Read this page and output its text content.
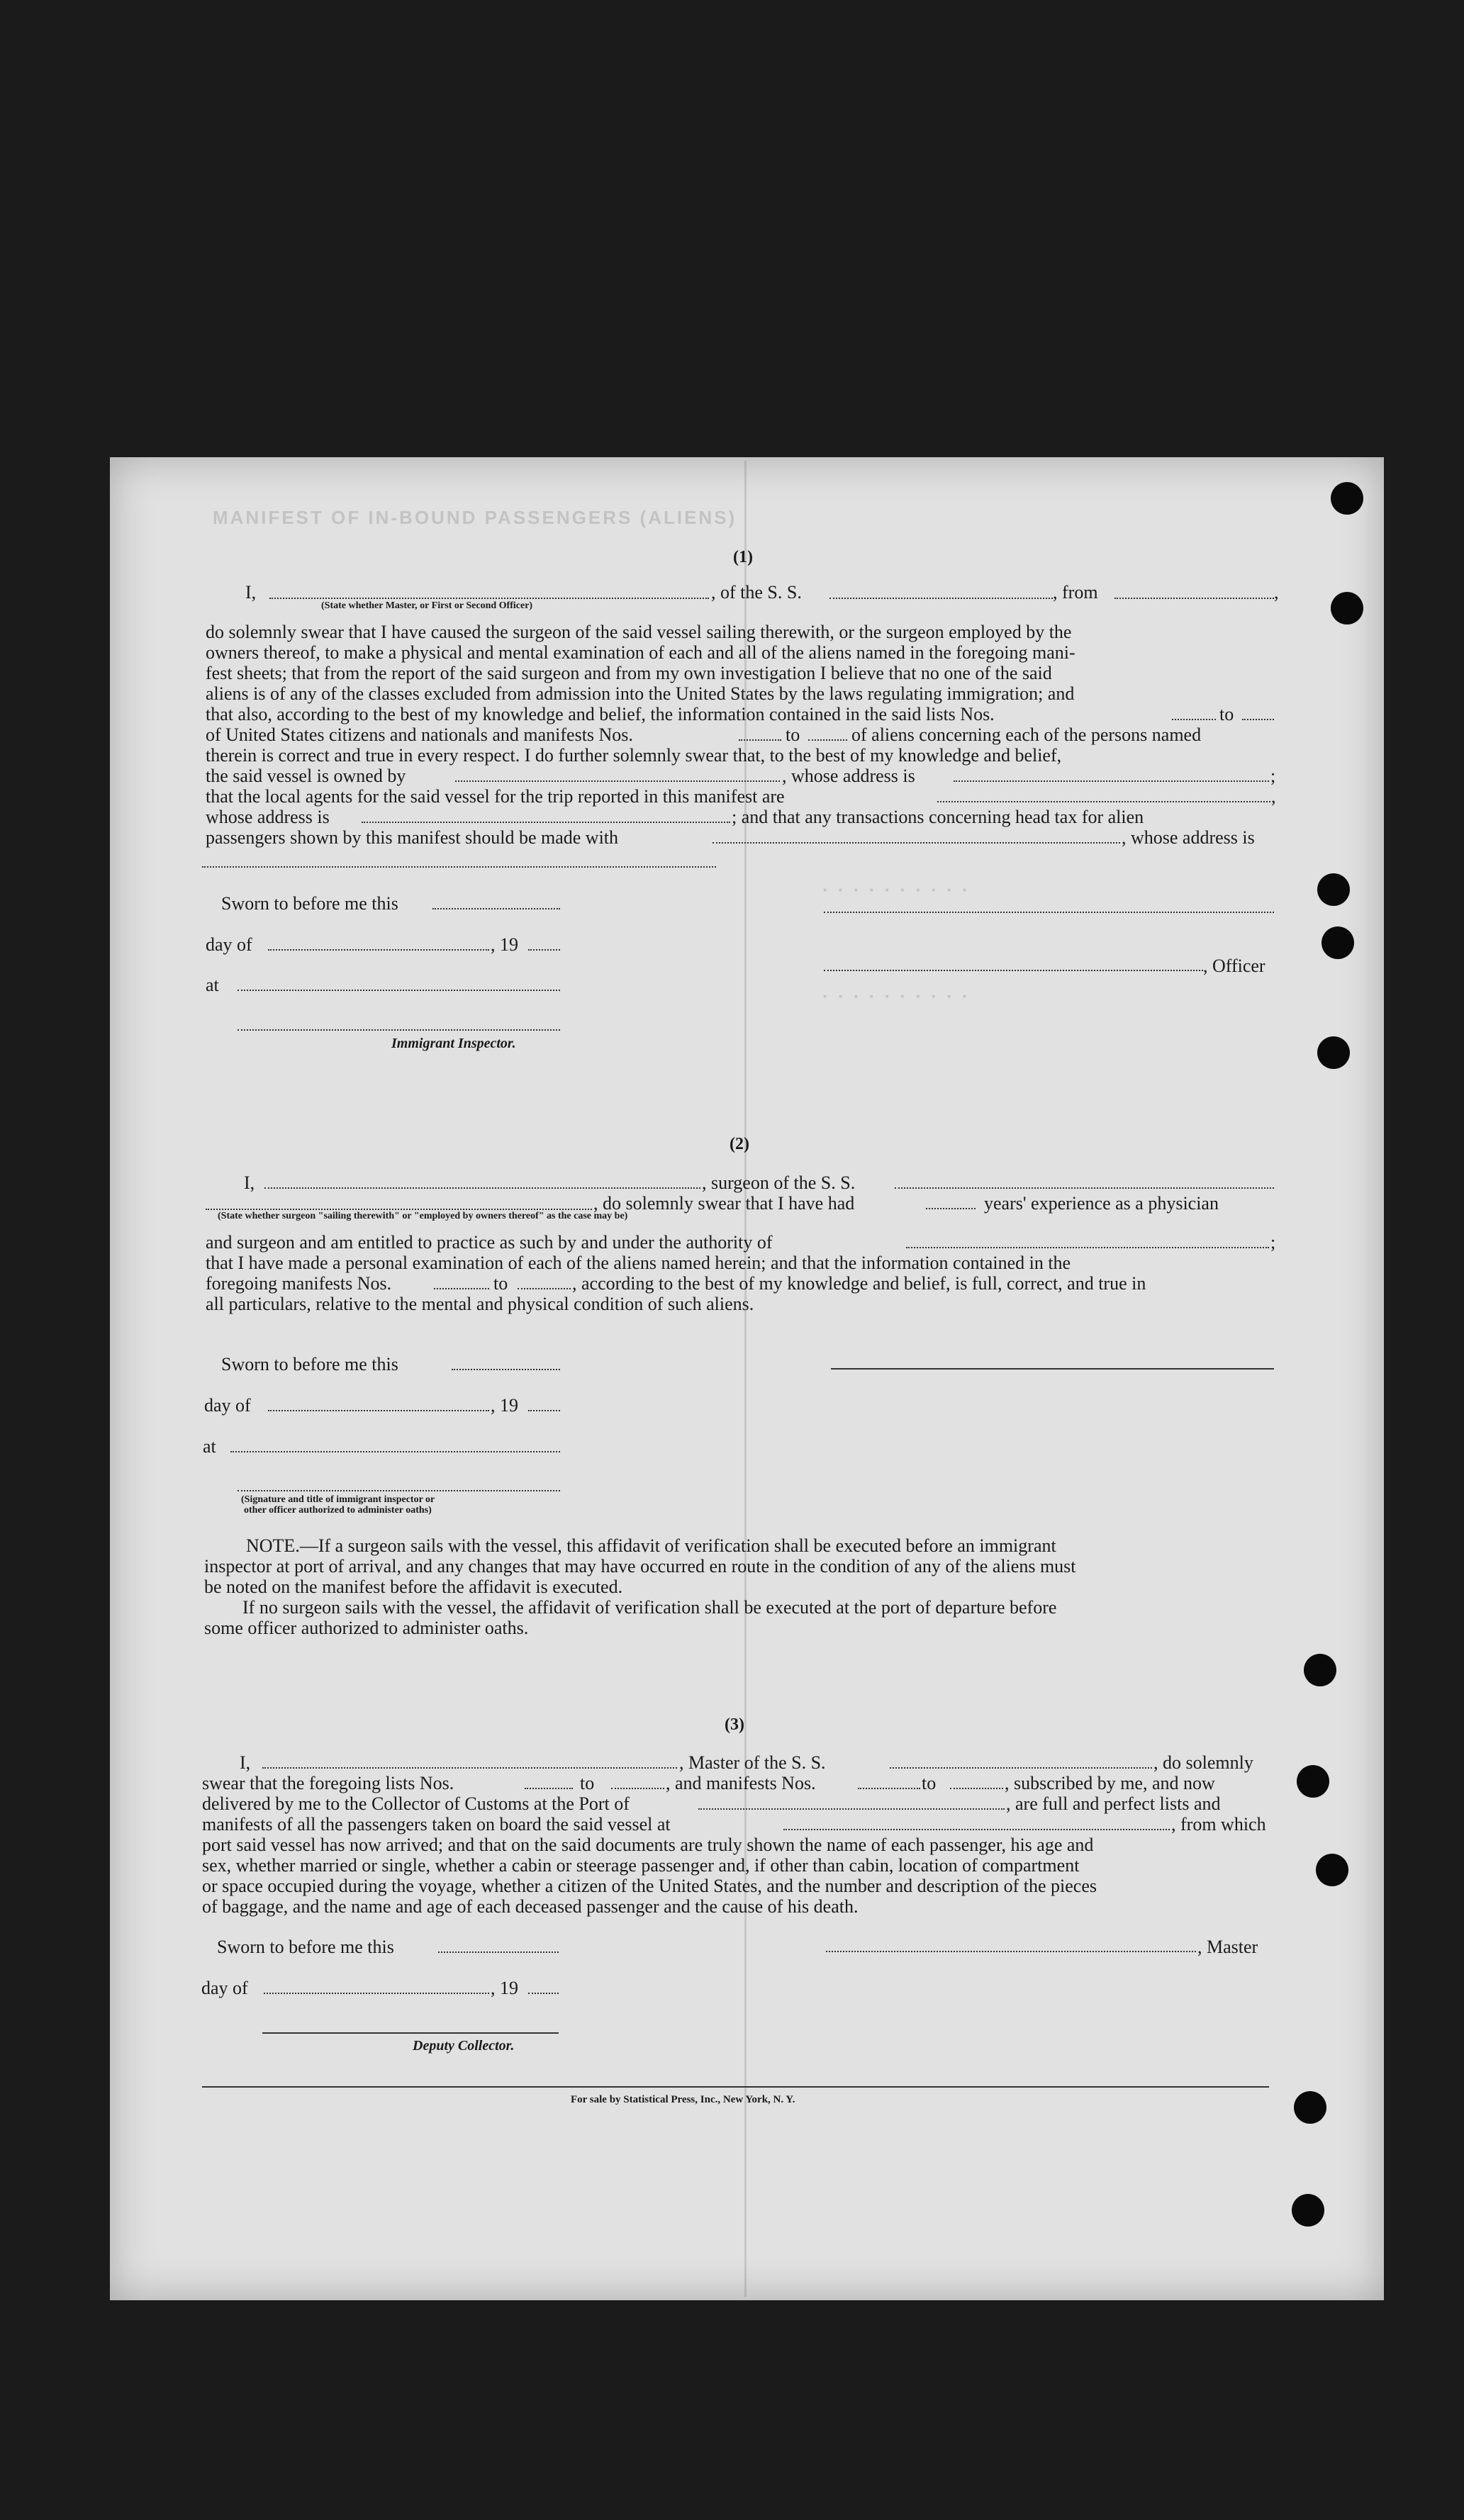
MANIFEST OF IN-BOUND PASSENGERS (ALIENS)
· · · · · · · · · ·
· · · · · · · · · ·
(1)
I,	, of the S. S.	, from	,
(State whether Master, or First or Second Officer)
do solemnly swear that I have caused the surgeon of the said vessel sailing therewith, or the surgeon employed by the
owners thereof, to make a physical and mental examination of each and all of the aliens named in the foregoing mani-
fest sheets; that from the report of the said surgeon and from my own investigation I believe that no one of the said
aliens is of any of the classes excluded from admission into the United States by the laws regulating immigration; and
that also, according to the best of my knowledge and belief, the information contained in the said lists Nos.	to
of United States citizens and nationals and manifests Nos.	to	of aliens concerning each of the persons named
therein is correct and true in every respect. I do further solemnly swear that, to the best of my knowledge and belief,
the said vessel is owned by	, whose address is	;
that the local agents for the said vessel for the trip reported in this manifest are	,
whose address is	; and that any transactions concerning head tax for alien
passengers shown by this manifest should be made with	, whose address is
Sworn to before me this
day of	, 19
at
Immigrant Inspector.
, Officer
(2)
I,	, surgeon of the S. S.
, do solemnly swear that I have had	years' experience as a physician
(State whether surgeon "sailing therewith" or "employed by owners thereof" as the case may be)
and surgeon and am entitled to practice as such by and under the authority of	;
that I have made a personal examination of each of the aliens named herein; and that the information contained in the
foregoing manifests Nos.	to	, according to the best of my knowledge and belief, is full, correct, and true in
all particulars, relative to the mental and physical condition of such aliens.
Sworn to before me this
day of	, 19
at
(Signature and title of immigrant inspector or
other officer authorized to administer oaths)
NOTE.—If a surgeon sails with the vessel, this affidavit of verification shall be executed before an immigrant
inspector at port of arrival, and any changes that may have occurred en route in the condition of any of the aliens must
be noted on the manifest before the affidavit is executed.
If no surgeon sails with the vessel, the affidavit of verification shall be executed at the port of departure before
some officer authorized to administer oaths.
(3)
I,	, Master of the S. S.	, do solemnly
swear that the foregoing lists Nos.	to	, and manifests Nos.	to	, subscribed by me, and now
delivered by me to the Collector of Customs at the Port of	, are full and perfect lists and
manifests of all the passengers taken on board the said vessel at	, from which
port said vessel has now arrived; and that on the said documents are truly shown the name of each passenger, his age and
sex, whether married or single, whether a cabin or steerage passenger and, if other than cabin, location of compartment
or space occupied during the voyage, whether a citizen of the United States, and the number and description of the pieces
of baggage, and the name and age of each deceased passenger and the cause of his death.
Sworn to before me this
day of	, 19
Deputy Collector.
, Master
For sale by Statistical Press, Inc., New York, N. Y.
